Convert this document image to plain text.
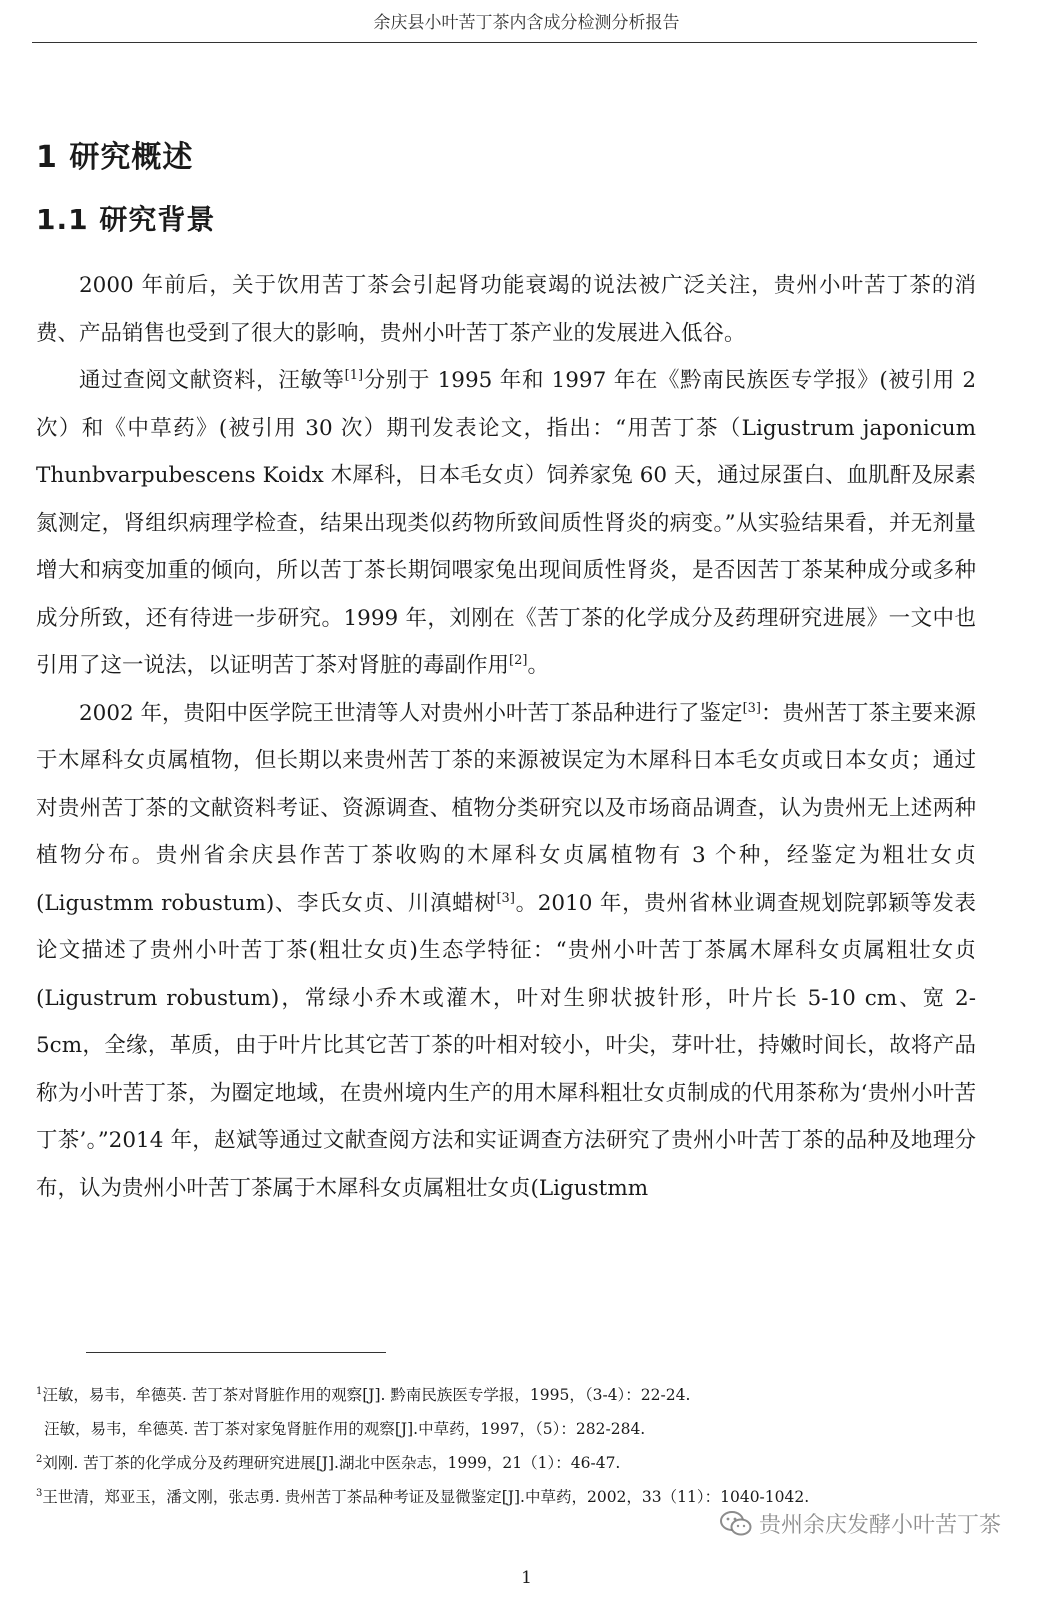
余庆县小叶苦丁茶内含成分检测分析报告
1 研究概述
1.1 研究背景

2000 年前后，关于饮用苦丁茶会引起肾功能衰竭的说法被广泛关注，贵州小叶苦丁茶的消费、产品销售也受到了很大的影响，贵州小叶苦丁茶产业的发展进入低谷。

通过查阅文献资料，汪敏等[1]分别于 1995 年和 1997 年在《黔南民族医专学报》(被引用 2 次）和《中草药》(被引用 30 次）期刊发表论文，指出：“用苦丁茶（Ligustrum japonicum Thunbvarpubescens Koidx 木犀科，日本毛女贞）饲养家兔 60 天，通过尿蛋白、血肌酐及尿素氮测定，肾组织病理学检查，结果出现类似药物所致间质性肾炎的病变。”从实验结果看，并无剂量增大和病变加重的倾向，所以苦丁茶长期饲喂家兔出现间质性肾炎，是否因苦丁茶某种成分或多种成分所致，还有待进一步研究。1999 年，刘刚在《苦丁茶的化学成分及药理研究进展》一文中也引用了这一说法，以证明苦丁茶对肾脏的毒副作用[2]。

2002 年，贵阳中医学院王世清等人对贵州小叶苦丁茶品种进行了鉴定[3]：贵州苦丁茶主要来源于木犀科女贞属植物，但长期以来贵州苦丁茶的来源被误定为木犀科日本毛女贞或日本女贞；通过对贵州苦丁茶的文献资料考证、资源调查、植物分类研究以及市场商品调查，认为贵州无上述两种植物分布。贵州省余庆县作苦丁茶收购的木犀科女贞属植物有 3 个种，经鉴定为粗壮女贞(Ligustmm robustum)、李氏女贞、川滇蜡树[3]。2010 年，贵州省林业调查规划院郭颖等发表论文描述了贵州小叶苦丁茶(粗壮女贞)生态学特征：“贵州小叶苦丁茶属木犀科女贞属粗壮女贞(Ligustrum robustum)，常绿小乔木或灌木，叶对生卵状披针形，叶片长 5-10 cm、宽 2-5cm，全缘，革质，由于叶片比其它苦丁茶的叶相对较小，叶尖，芽叶壮，持嫩时间长，故将产品称为小叶苦丁茶，为圈定地域，在贵州境内生产的用木犀科粗壮女贞制成的代用茶称为‘贵州小叶苦丁茶’。”2014 年，赵斌等通过文献查阅方法和实证调查方法研究了贵州小叶苦丁茶的品种及地理分布，认为贵州小叶苦丁茶属于木犀科女贞属粗壮女贞(Ligustmm

$^1$汪敏，易韦，牟德英. 苦丁茶对肾脏作用的观察[J]. 黔南民族医专学报，1995，（3-4）：22-24.
汪敏，易韦，牟德英. 苦丁茶对家兔肾脏作用的观察[J].中草药，1997，（5）：282-284.
$^2$刘刚. 苦丁茶的化学成分及药理研究进展[J].湖北中医杂志，1999，21（1）：46-47.
$^3$王世清，郑亚玉，潘文刚，张志勇. 贵州苦丁茶品种考证及显微鉴定[J].中草药，2002，33（11）：1040-1042.
1
贵州余庆发酵小叶苦丁茶
